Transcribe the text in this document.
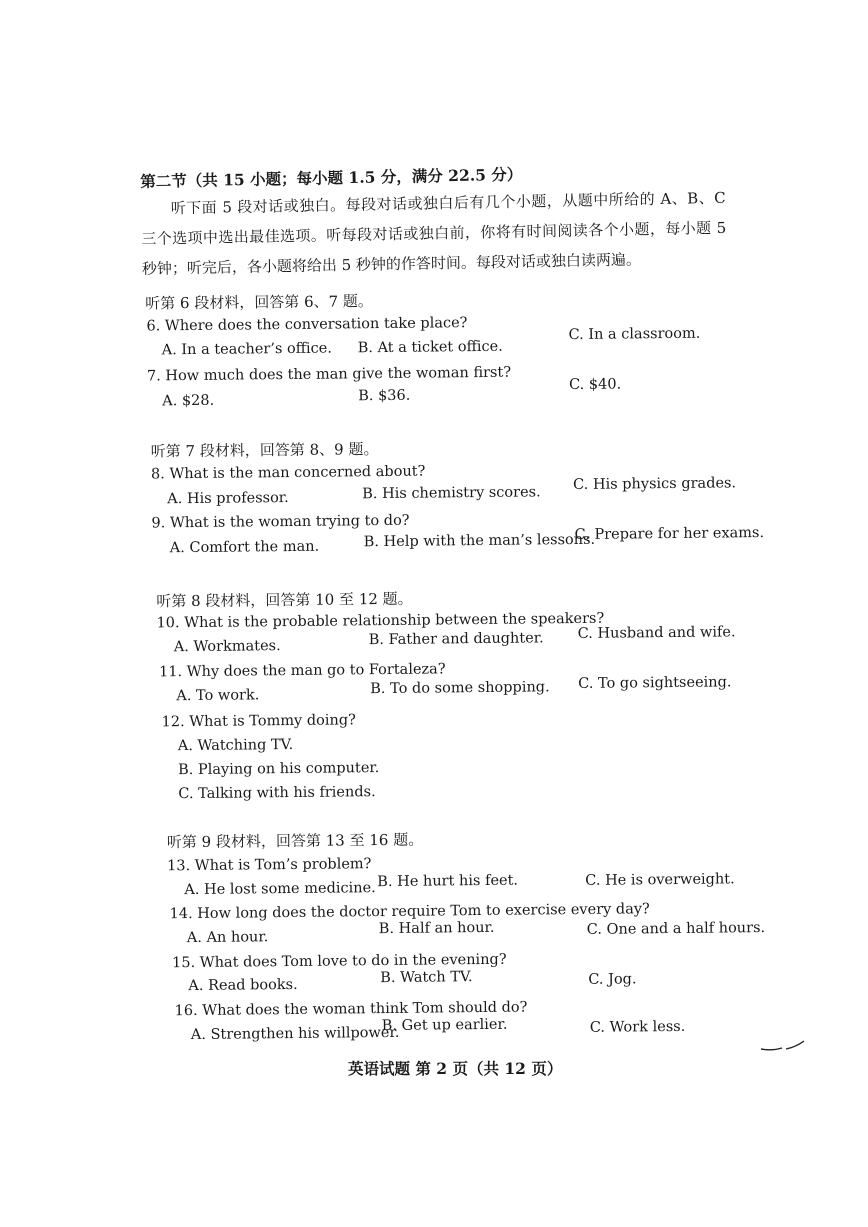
第二节（共 15 小题；每小题 1.5 分，满分 22.5 分）
听下面 5 段对话或独白。每段对话或独白后有几个小题，从题中所给的 A、B、C 三个选项中选出最佳选项。听每段对话或独白前，你将有时间阅读各个小题，每小题 5 秒钟；听完后，各小题将给出 5 秒钟的作答时间。每段对话或独白读两遍。
听第 6 段材料，回答第 6、7 题。
6. Where does the conversation take place?
A. In a teacher’s office. B. At a ticket office.
C. In a classroom.
7. How much does the man give the woman first?
A. $28.	B. $36.
C. $40.
听第 7 段材料，回答第 8、9 题。
8. What is the man concerned about?
A. His professor.	B. His chemistry scores.
C. His physics grades.
9. What is the woman trying to do?
A. Comfort the man.	B. Help with the man’s lessons.
C. Prepare for her exams.
听第 8 段材料，回答第 10 至 12 题。
10. What is the probable relationship between the speakers?
A. Workmates.	B. Father and daughter. C. Husband and wife.
11. Why does the man go to Fortaleza?
A. To work.	B. To do some shopping. C. To go sightseeing.
12. What is Tommy doing?
A. Watching TV.
B. Playing on his computer.
C. Talking with his friends.
听第 9 段材料，回答第 13 至 16 题。
13. What is Tom’s problem?
A. He lost some medicine. B. He hurt his feet.	C. He is overweight.
14. How long does the doctor require Tom to exercise every day?
A. An hour.
B. Half an hour.	C. One and a half hours.
15. What does Tom love to do in the evening?
A. Read books.	B. Watch TV.	C. Jog.
16. What does the woman think Tom should do?
A. Strengthen his willpower.
B. Get up earlier.	C. Work less.
英语试题 第 2 页（共 12 页）
